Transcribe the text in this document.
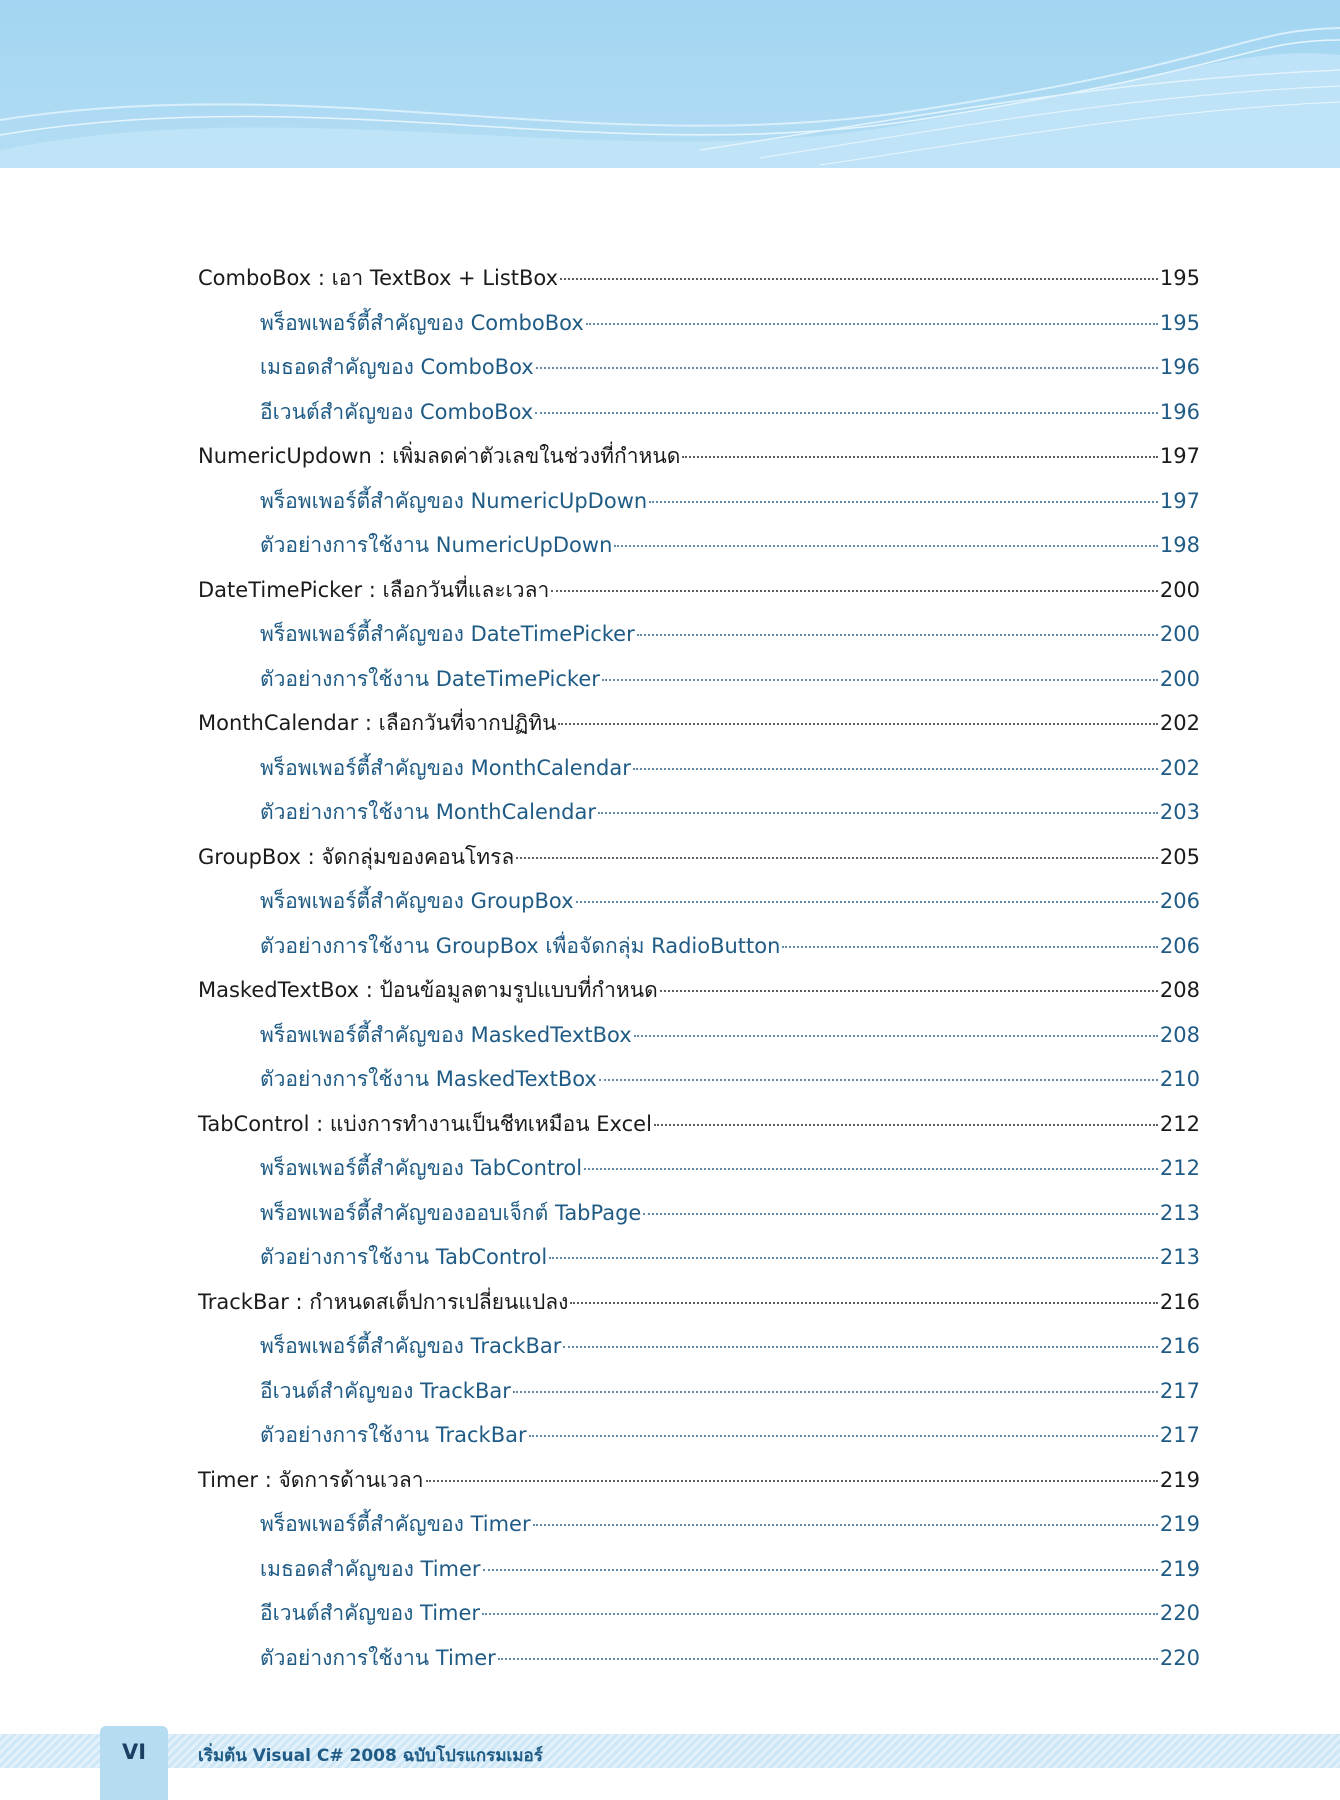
ComboBox : เอา TextBox + ListBox	195
พร็อพเพอร์ตี้สำคัญของ ComboBox	195
เมธอดสำคัญของ ComboBox	196
อีเวนต์สำคัญของ ComboBox	196
NumericUpdown : เพิ่มลดค่าตัวเลขในช่วงที่กำหนด	197
พร็อพเพอร์ตี้สำคัญของ NumericUpDown	197
ตัวอย่างการใช้งาน NumericUpDown	198
DateTimePicker : เลือกวันที่และเวลา	200
พร็อพเพอร์ตี้สำคัญของ DateTimePicker	200
ตัวอย่างการใช้งาน DateTimePicker	200
MonthCalendar : เลือกวันที่จากปฏิทิน	202
พร็อพเพอร์ตี้สำคัญของ MonthCalendar	202
ตัวอย่างการใช้งาน MonthCalendar	203
GroupBox : จัดกลุ่มของคอนโทรล	205
พร็อพเพอร์ตี้สำคัญของ GroupBox	206
ตัวอย่างการใช้งาน GroupBox เพื่อจัดกลุ่ม RadioButton	206
MaskedTextBox : ป้อนข้อมูลตามรูปแบบที่กำหนด	208
พร็อพเพอร์ตี้สำคัญของ MaskedTextBox	208
ตัวอย่างการใช้งาน MaskedTextBox	210
TabControl : แบ่งการทำงานเป็นชีทเหมือน Excel	212
พร็อพเพอร์ตี้สำคัญของ TabControl	212
พร็อพเพอร์ตี้สำคัญของออบเจ็กต์ TabPage	213
ตัวอย่างการใช้งาน TabControl	213
TrackBar : กำหนดสเต็ปการเปลี่ยนแปลง	216
พร็อพเพอร์ตี้สำคัญของ TrackBar	216
อีเวนต์สำคัญของ TrackBar	217
ตัวอย่างการใช้งาน TrackBar	217
Timer : จัดการด้านเวลา	219
พร็อพเพอร์ตี้สำคัญของ Timer	219
เมธอดสำคัญของ Timer	219
อีเวนต์สำคัญของ Timer	220
ตัวอย่างการใช้งาน Timer	220
VI	เริ่มต้น Visual C# 2008 ฉบับโปรแกรมเมอร์
